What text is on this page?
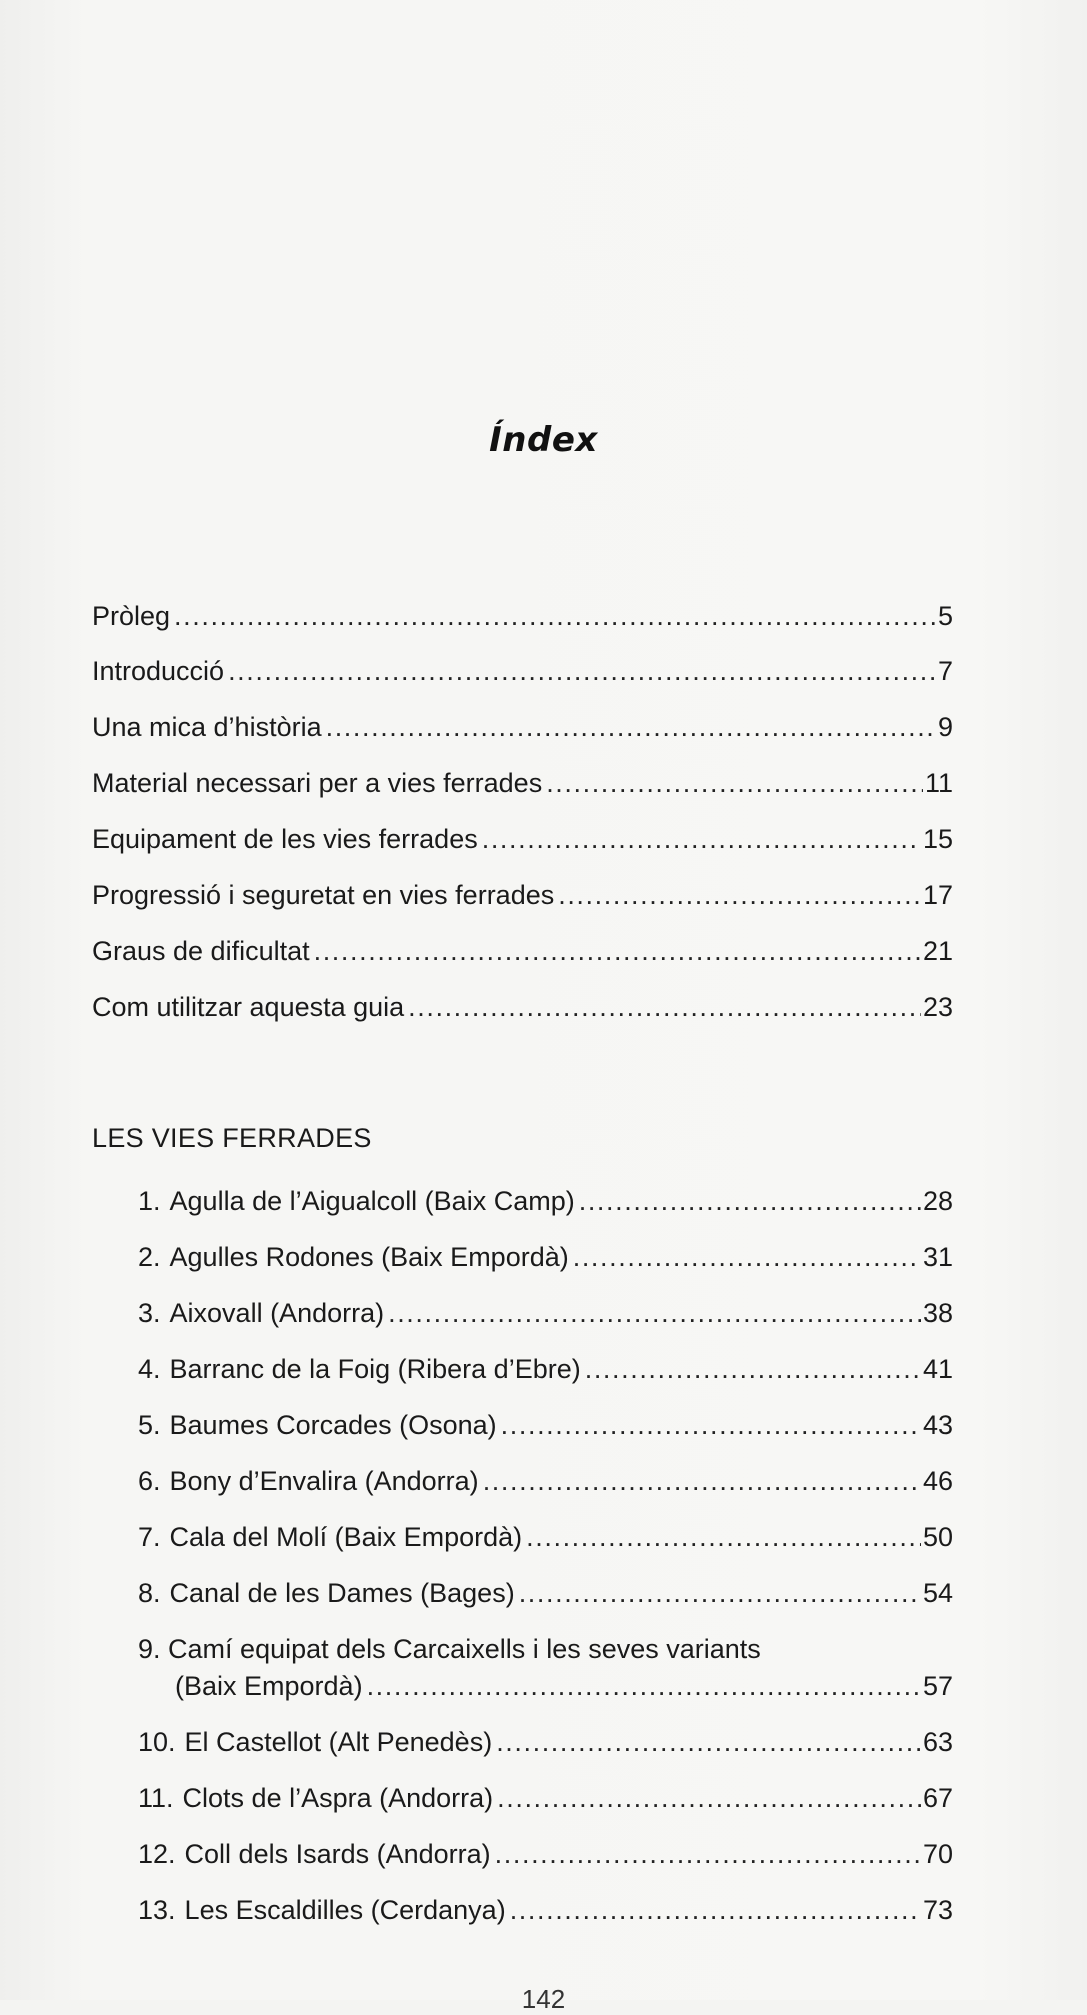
Índex
Pròleg .....	5
Introducció .....	7
Una mica d’història .....	9
Material necessari per a vies ferrades .....	11
Equipament de les vies ferrades .....	15
Progressió i seguretat en vies ferrades .....	17
Graus de dificultat .....	21
Com utilitzar aquesta guia .....	23
LES VIES FERRADES
1. Agulla de l’Aigualcoll (Baix Camp) .....	28
2. Agulles Rodones (Baix Empordà) .....	31
3. Aixovall (Andorra) .....	38
4. Barranc de la Foig (Ribera d’Ebre) .....	41
5. Baumes Corcades (Osona) .....	43
6. Bony d’Envalira (Andorra) .....	46
7. Cala del Molí (Baix Empordà) .....	50
8. Canal de les Dames (Bages) .....	54
9. Camí equipat dels Carcaixells i les seves variants
(Baix Empordà) .....	57
10. El Castellot (Alt Penedès) .....	63
11. Clots de l’Aspra (Andorra) .....	67
12. Coll dels Isards (Andorra) .....	70
13. Les Escaldilles (Cerdanya) .....	73
142
